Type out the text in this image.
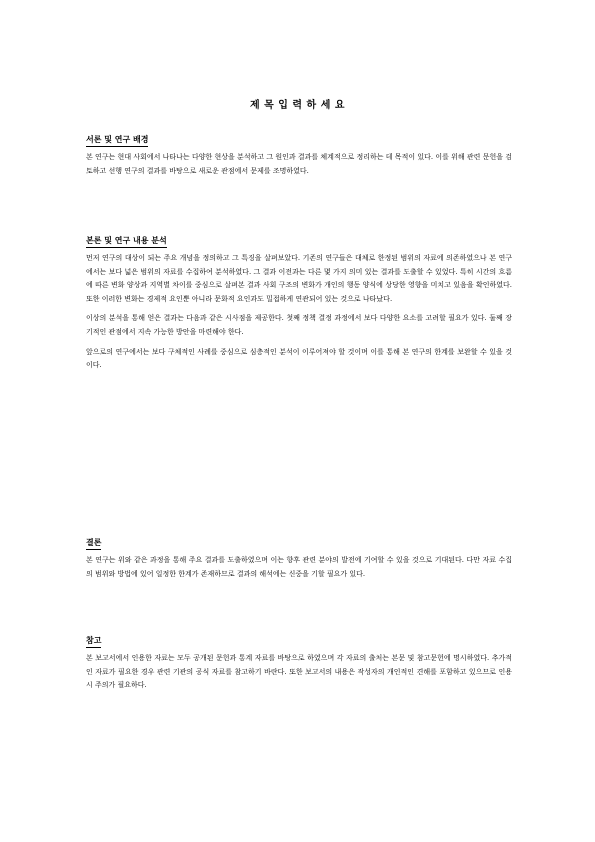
제 목 입 력 하 세 요
서론 및 연구 배경

본 연구는 현대 사회에서 나타나는 다양한 현상을 분석하고 그 원인과 결과를 체계적으로 정리하는 데 목적이 있다. 이를 위해 관련 문헌을 검토하고 선행 연구의 결과를 바탕으로 새로운 관점에서 문제를 조명하였다.

본론 및 연구 내용 분석

먼저 연구의 대상이 되는 주요 개념을 정의하고 그 특징을 살펴보았다. 기존의 연구들은 대체로 한정된 범위의 자료에 의존하였으나 본 연구에서는 보다 넓은 범위의 자료를 수집하여 분석하였다. 그 결과 이전과는 다른 몇 가지 의미 있는 결과를 도출할 수 있었다. 특히 시간의 흐름에 따른 변화 양상과 지역별 차이를 중심으로 살펴본 결과 사회 구조의 변화가 개인의 행동 양식에 상당한 영향을 미치고 있음을 확인하였다. 또한 이러한 변화는 경제적 요인뿐 아니라 문화적 요인과도 밀접하게 연관되어 있는 것으로 나타났다.

이상의 분석을 통해 얻은 결과는 다음과 같은 시사점을 제공한다. 첫째 정책 결정 과정에서 보다 다양한 요소를 고려할 필요가 있다. 둘째 장기적인 관점에서 지속 가능한 방안을 마련해야 한다.

앞으로의 연구에서는 보다 구체적인 사례를 중심으로 심층적인 분석이 이루어져야 할 것이며 이를 통해 본 연구의 한계를 보완할 수 있을 것이다.

결론

본 연구는 위와 같은 과정을 통해 주요 결과를 도출하였으며 이는 향후 관련 분야의 발전에 기여할 수 있을 것으로 기대된다. 다만 자료 수집의 범위와 방법에 있어 일정한 한계가 존재하므로 결과의 해석에는 신중을 기할 필요가 있다.

참고

본 보고서에서 인용한 자료는 모두 공개된 문헌과 통계 자료를 바탕으로 하였으며 각 자료의 출처는 본문 및 참고문헌에 명시하였다. 추가적인 자료가 필요한 경우 관련 기관의 공식 자료를 참고하기 바란다. 또한 보고서의 내용은 작성자의 개인적인 견해를 포함하고 있으므로 인용 시 주의가 필요하다.
